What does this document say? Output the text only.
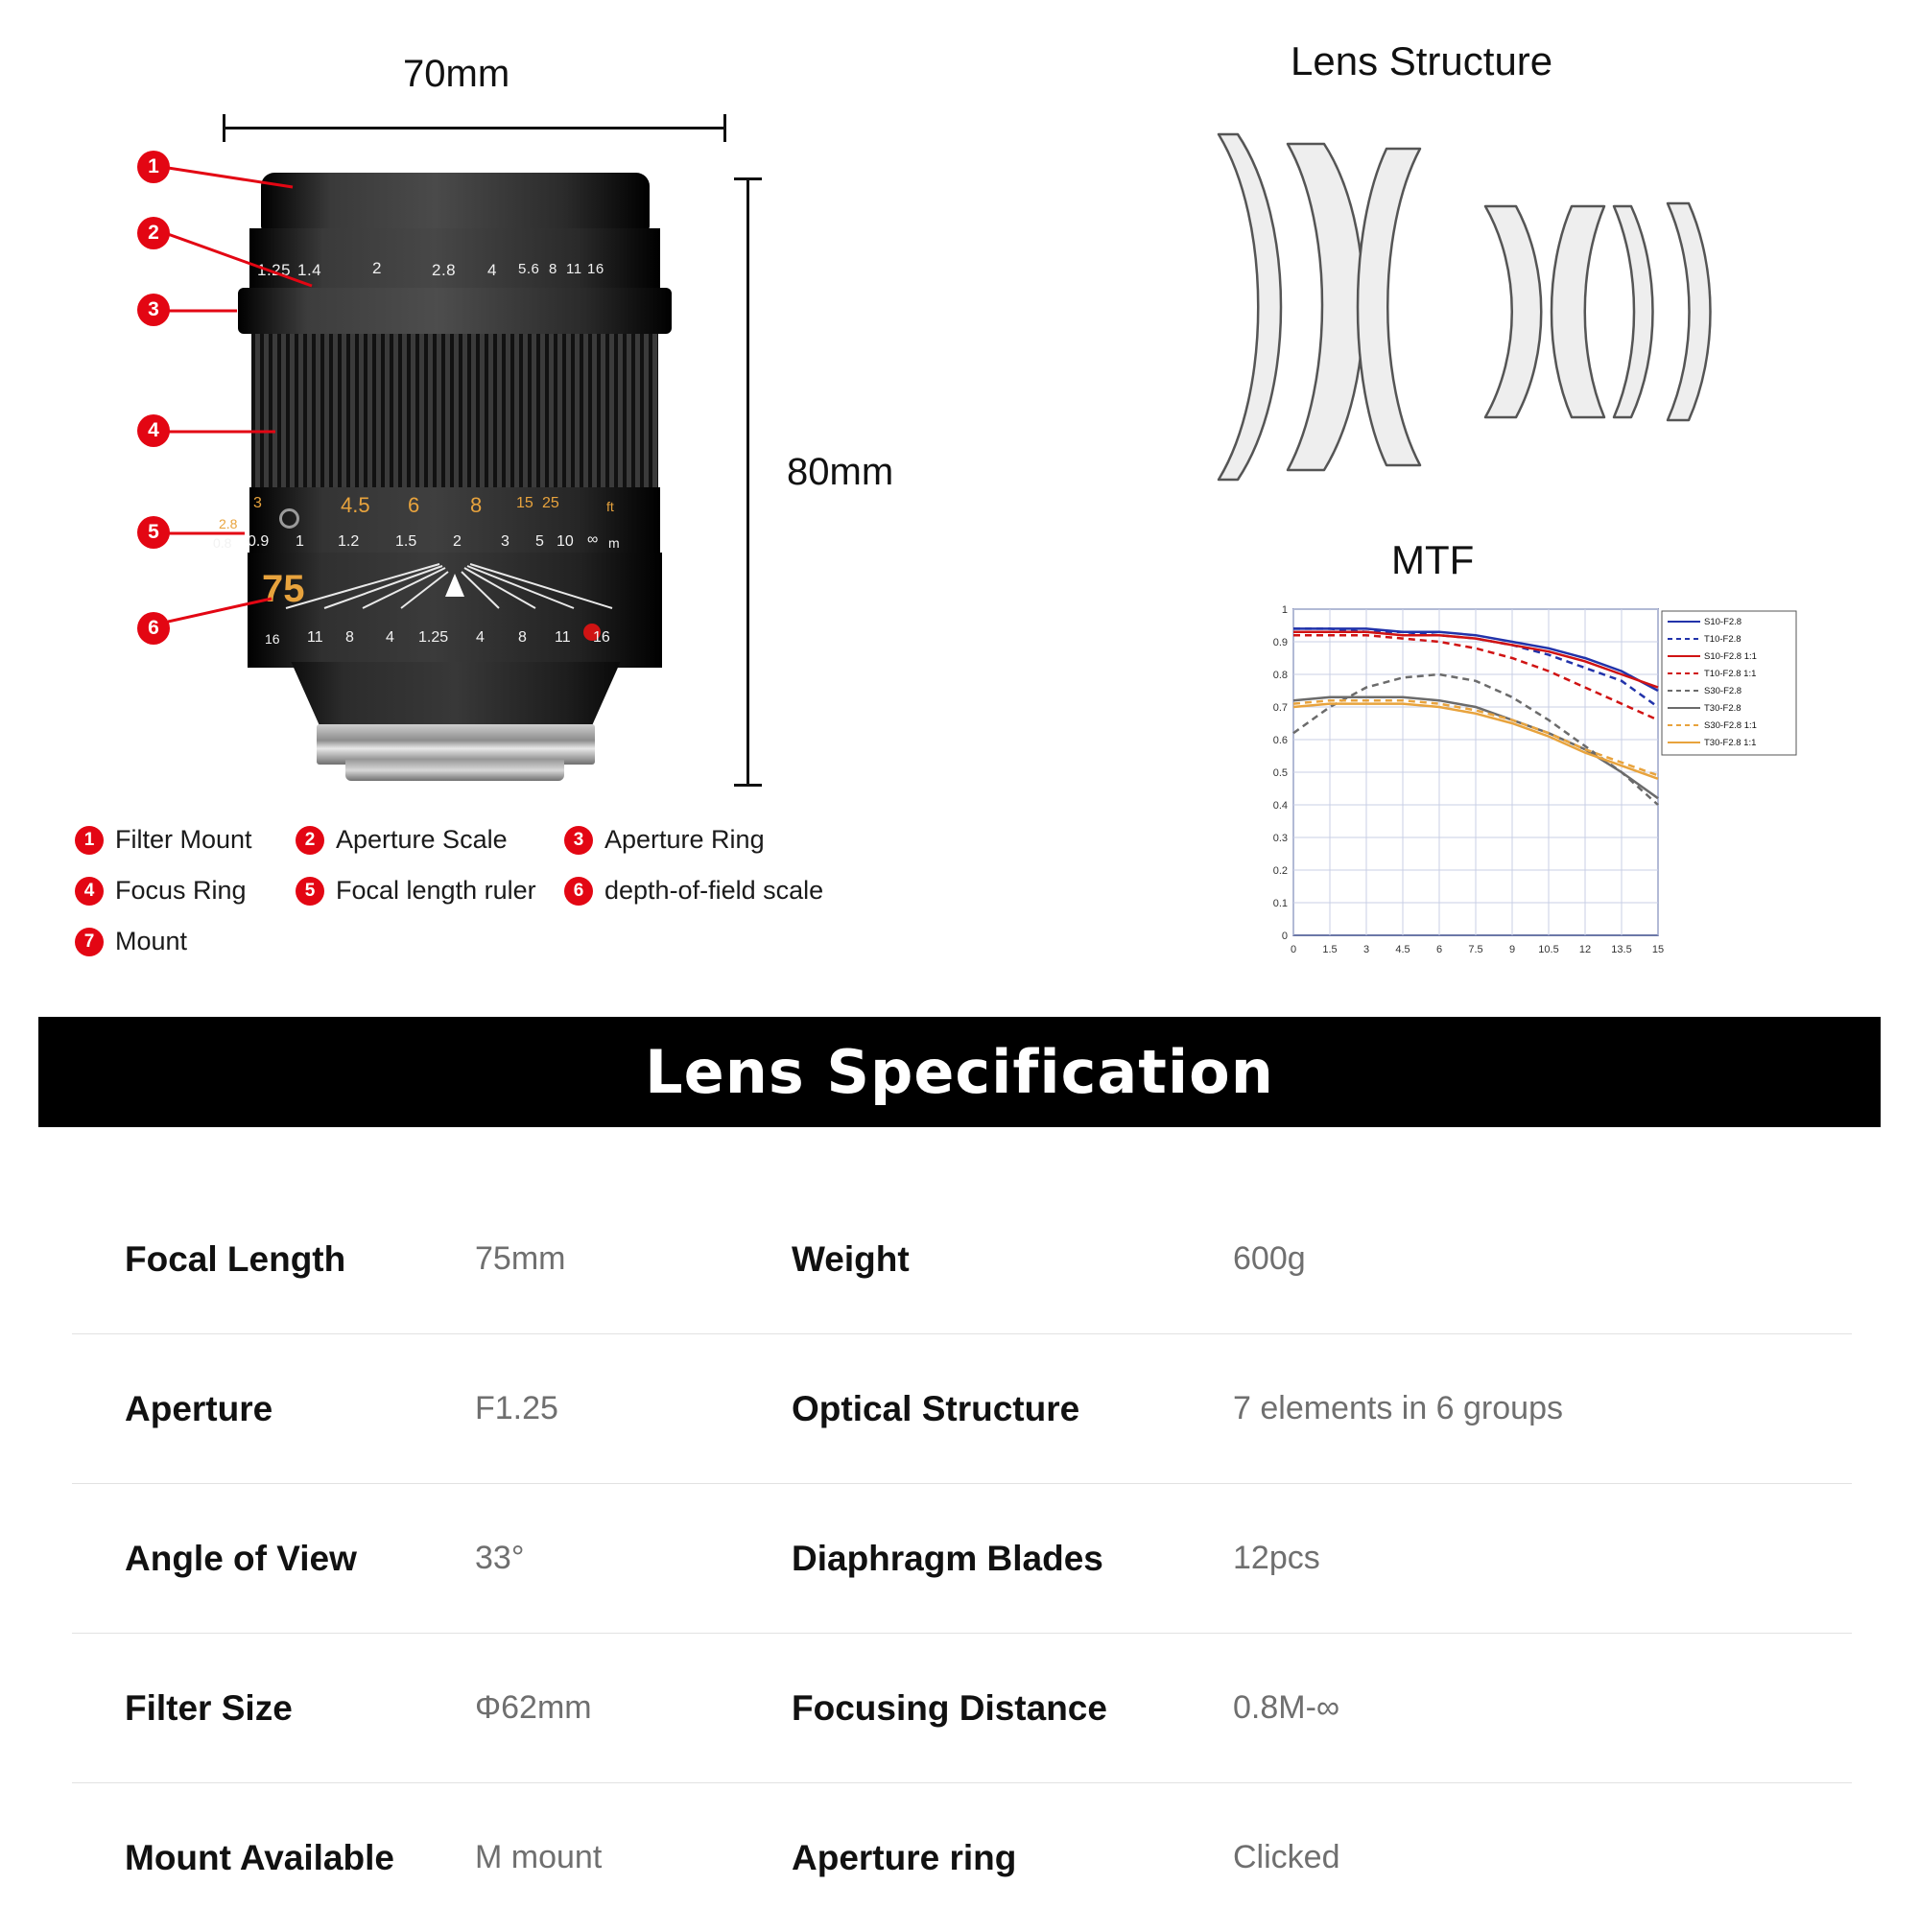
70mm
80mm
1.25 1.4	2	2.8 4 5.6 8 11 16
2.8
3	4.5 6 8 15 25	ft
0.8 0.9 1 1.2 1.5 2	3 5 10 ∞ m
75
16 11 8 4 1.25 4 8 11 16
1
2
3
4
5
6
1 Filter Mount	2 Aperture Scale	3 Aperture Ring
4 Focus Ring	5 Focal length ruler	6 depth-of-field scale
7 Mount
Lens Structure
MTF
0.1
0.2
0.3
0.4
0.5
0.6
0.7
0.8
0.9
1
0
0 1.5 3 4.5 6 7.5 9 10.5 12 13.5 15
S10-F2.8
T10-F2.8
S10-F2.8 1:1
T10-F2.8 1:1
S30-F2.8
T30-F2.8
S30-F2.8 1:1
T30-F2.8 1:1
Lens Specification
Focal Length	75mm	Weight	600g
Aperture	F1.25	Optical Structure	7 elements in 6 groups
Angle of View	33°	Diaphragm Blades	12pcs
Filter Size	Φ62mm	Focusing Distance	0.8M-∞
Mount Available	M mount	Aperture ring	Clicked
